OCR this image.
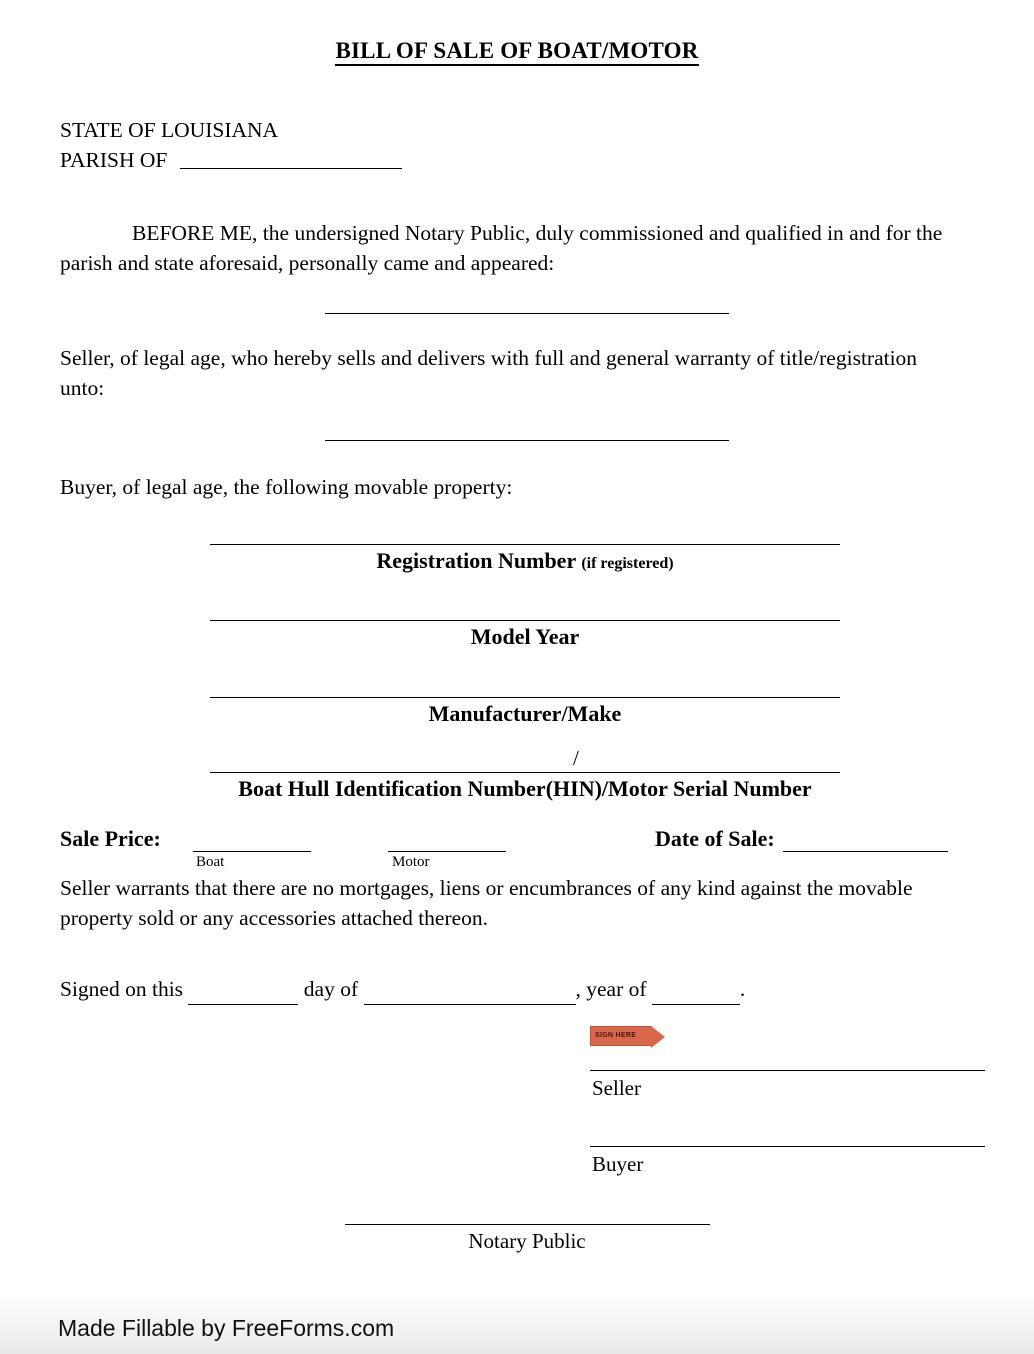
BILL OF SALE OF BOAT/MOTOR
STATE OF LOUISIANA
PARISH OF
BEFORE ME, the undersigned Notary Public, duly commissioned and qualified in and for the parish and state aforesaid, personally came and appeared:
Seller, of legal age, who hereby sells and delivers with full and general warranty of title/registration unto:
Buyer, of legal age, the following movable property:
Registration Number (if registered)
Model Year
Manufacturer/Make
/
Boat Hull Identification Number(HIN)/Motor Serial Number
Sale Price:
Boat	Motor
Date of Sale:
Seller warrants that there are no mortgages, liens or encumbrances of any kind against the movable property sold or any accessories attached thereon.
Signed on this	day of	, year of	.
SIGN HERE
Seller
Buyer
Notary Public
Made Fillable by FreeForms.com
